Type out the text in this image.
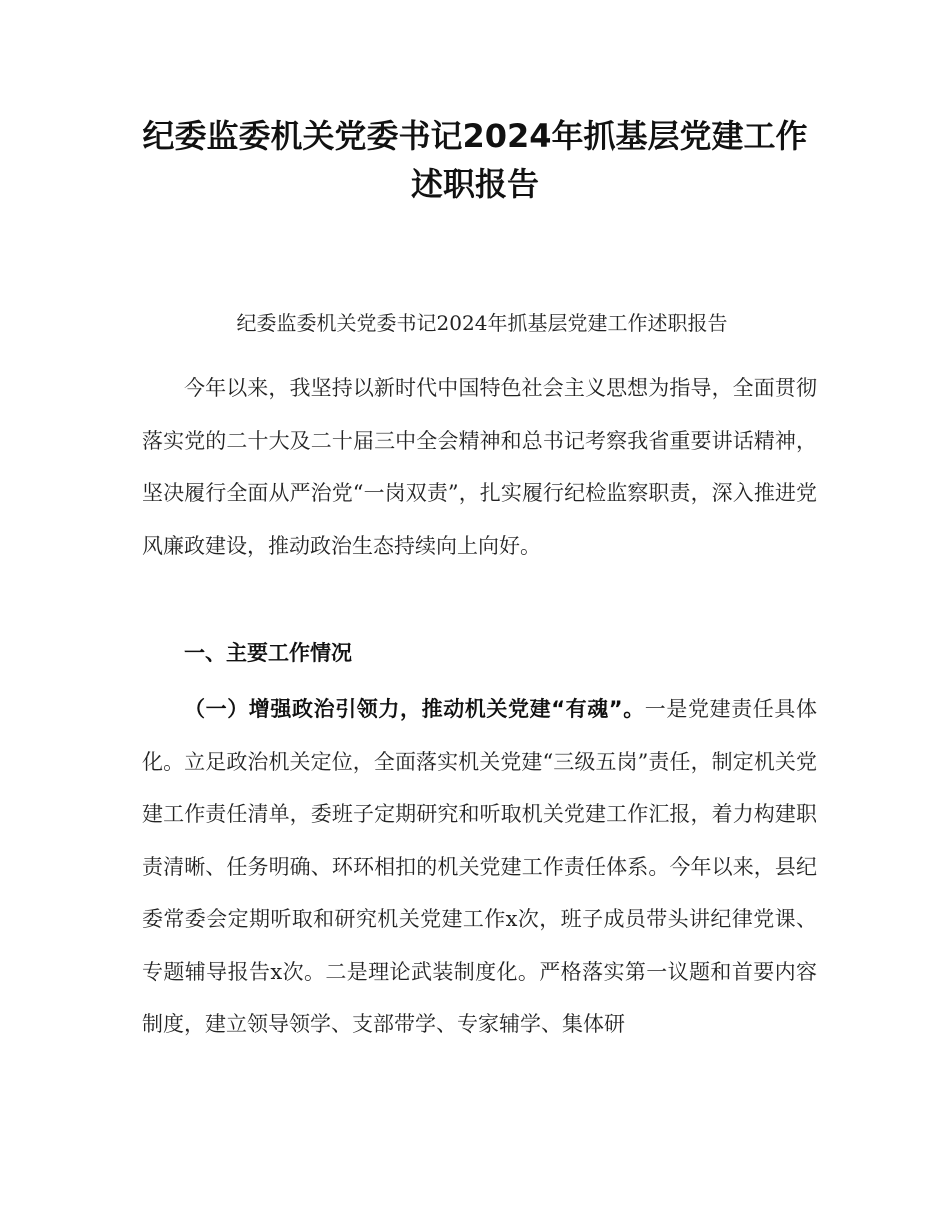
纪委监委机关党委书记2024年抓基层党建工作述职报告
纪委监委机关党委书记2024年抓基层党建工作述职报告

今年以来，我坚持以新时代中国特色社会主义思想为指导，全面贯彻落实党的二十大及二十届三中全会精神和总书记考察我省重要讲话精神，坚决履行全面从严治党“一岗双责”，扎实履行纪检监察职责，深入推进党风廉政建设，推动政治生态持续向上向好。

一、主要工作情况

（一）增强政治引领力，推动机关党建“有魂”。一是党建责任具体化。立足政治机关定位，全面落实机关党建“三级五岗”责任，制定机关党建工作责任清单，委班子定期研究和听取机关党建工作汇报，着力构建职责清晰、任务明确、环环相扣的机关党建工作责任体系。今年以来，县纪委常委会定期听取和研究机关党建工作x次，班子成员带头讲纪律党课、专题辅导报告x次。二是理论武装制度化。严格落实第一议题和首要内容制度，建立领导领学、支部带学、专家辅学、集体研
